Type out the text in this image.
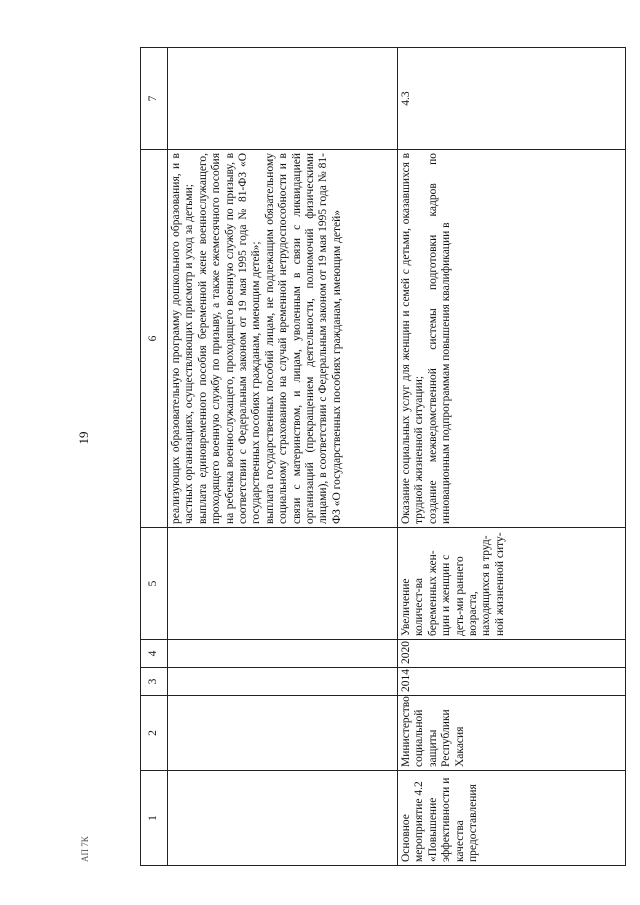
19
АП 7К
1	2	3	4	5	6	7

					реализующих образовательную программу дошкольного образования, и в частных организациях, осуществляющих присмотр и уход за детьми; выплата единовременного пособия беременной жене военнослужащего, проходящего военную службу по призыву, а также ежемесячного пособия на ребенка военнослужащего, проходящего военную службу по призыву, в соответствии с Федеральным законом от 19 мая 1995 года № 81-ФЗ «О государственных пособиях гражданам, имеющим детей»; выплата государственных пособий лицам, не подлежащим обязательному социальному страхованию на случай временной нетрудоспособности и в связи с материнством, и лицам, уволенным в связи с ликвидацией организаций (прекращением деятельности, полномочий физическими лицами), в соответствии с Федеральным законом от 19 мая 1995 года № 81-ФЗ «О государственных пособиях гражданам, имеющим детей»	

Основное мероприятие 4.2 «Повышение эффективности и качества предоставления	Министерство социальной защиты Республики Хакасия	2014	2020	Увеличение количест-ва беременных жен-щин и женщин с деть-ми раннего возраста, находящихся в труд-ной жизненной ситу-	Оказание социальных услуг для женщин и семей с детьми, оказавшихся в трудной жизненной ситуации; создание межведомственной системы подготовки кадров по инновационным подпрограммам повышения квалификации в	4.3
